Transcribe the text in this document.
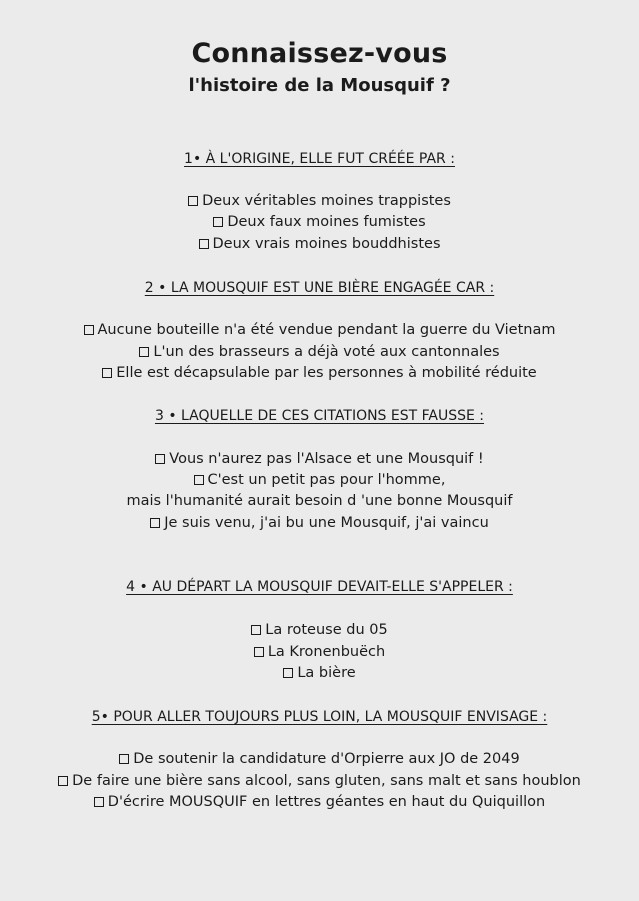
Connaissez-vous
l'histoire de la Mousquif ?
1• À L'ORIGINE, ELLE FUT CRÉÉE PAR :
Deux véritables moines trappistes
Deux faux moines fumistes
Deux vrais moines bouddhistes
2 • LA MOUSQUIF EST UNE BIÈRE ENGAGÉE CAR :
Aucune bouteille n'a été vendue pendant la guerre du Vietnam
L'un des brasseurs a déjà voté aux cantonnales
Elle est décapsulable par les personnes à mobilité réduite
3 • LAQUELLE DE CES CITATIONS EST FAUSSE :
Vous n'aurez pas l'Alsace et une Mousquif !
C'est un petit pas pour l'homme,
mais l'humanité aurait besoin d 'une bonne Mousquif
Je suis venu, j'ai bu une Mousquif, j'ai vaincu
4 • AU DÉPART LA MOUSQUIF DEVAIT-ELLE S'APPELER :
La roteuse du 05
La Kronenbuëch
La bière
5• POUR ALLER TOUJOURS PLUS LOIN, LA MOUSQUIF ENVISAGE :
De soutenir la candidature d'Orpierre aux JO de 2049
De faire une bière sans alcool, sans gluten, sans malt et sans houblon
D'écrire MOUSQUIF en lettres géantes en haut du Quiquillon
